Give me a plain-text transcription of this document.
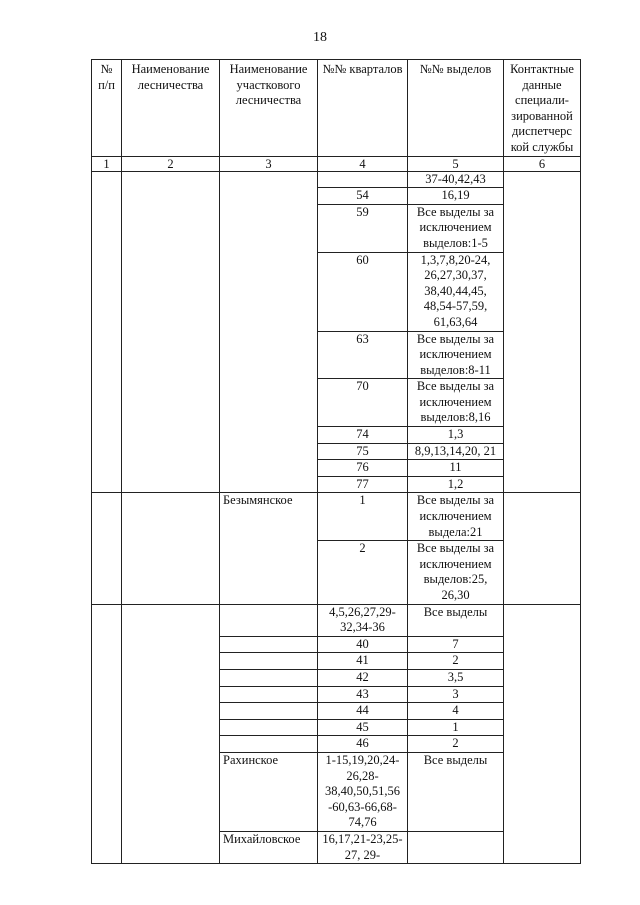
18
№ п/п	Наименование лесничества	Наименование участкового лесничества	№№ кварталов	№№ выделов	Контактные данные специали-зированной диспетчерс кой службы
1	2	3	4	5	6
				37-40,42,43	
			54	16,19	
			59	Все выделы за исключением выделов:1-5	
			60	1,3,7,8,20-24, 26,27,30,37, 38,40,44,45, 48,54-57,59, 61,63,64	
			63	Все выделы за исключением выделов:8-11	
			70	Все выделы за исключением выделов:8,16	
			74	1,3	
			75	8,9,13,14,20, 21	
			76	11	
			77	1,2	
		Безымянское	1	Все выделы за исключением выдела:21	
			2	Все выделы за исключением выделов:25, 26,30	
			4,5,26,27,29-32,34-36	Все выделы	
			40	7	
			41	2	
			42	3,5	
			43	3	
			44	4	
			45	1	
			46	2	
		Рахинское	1-15,19,20,24-26,28-38,40,50,51,56 -60,63-66,68-74,76	Все выделы	
		Михайловское	16,17,21-23,25-27, 29-		
